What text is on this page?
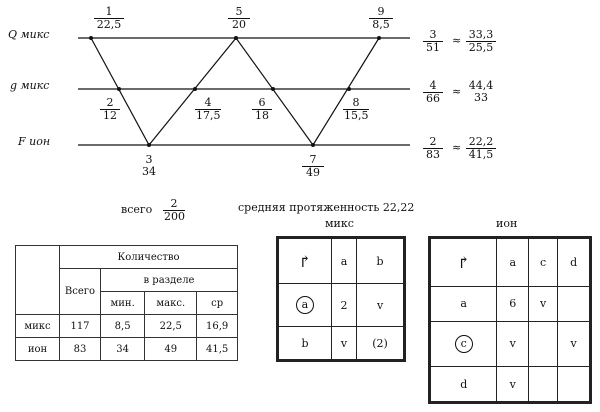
Q микс
g микс
F ион
$\frac{1}{22,5}$	$\frac{5}{20}$	$\frac{9}{8,5}$
$\frac{2}{12}$	$\frac{4}{17,5}$	$\frac{6}{18}$	$\frac{8}{15,5}$
3
34	$\frac{7}{49}$
$\frac{3}{51} \approx \frac{33,3}{25,5}$
$\frac{4}{66} \approx 44,4$
33
$\frac{2}{83} \approx \frac{22,2}{41,5}$
всего $\frac{2}{200}$	средняя протяженность 22,22
	Количество			
	Всего	в разделе		
		мин.	макс.	ср
микс	117	8,5	22,5	16,9
ион	83	34	49	41,5
микс
↱	a	b
a	2	v
b	v	(2)
ион
↱	a	c	d
a	6	v	
c	v		v
d	v		
